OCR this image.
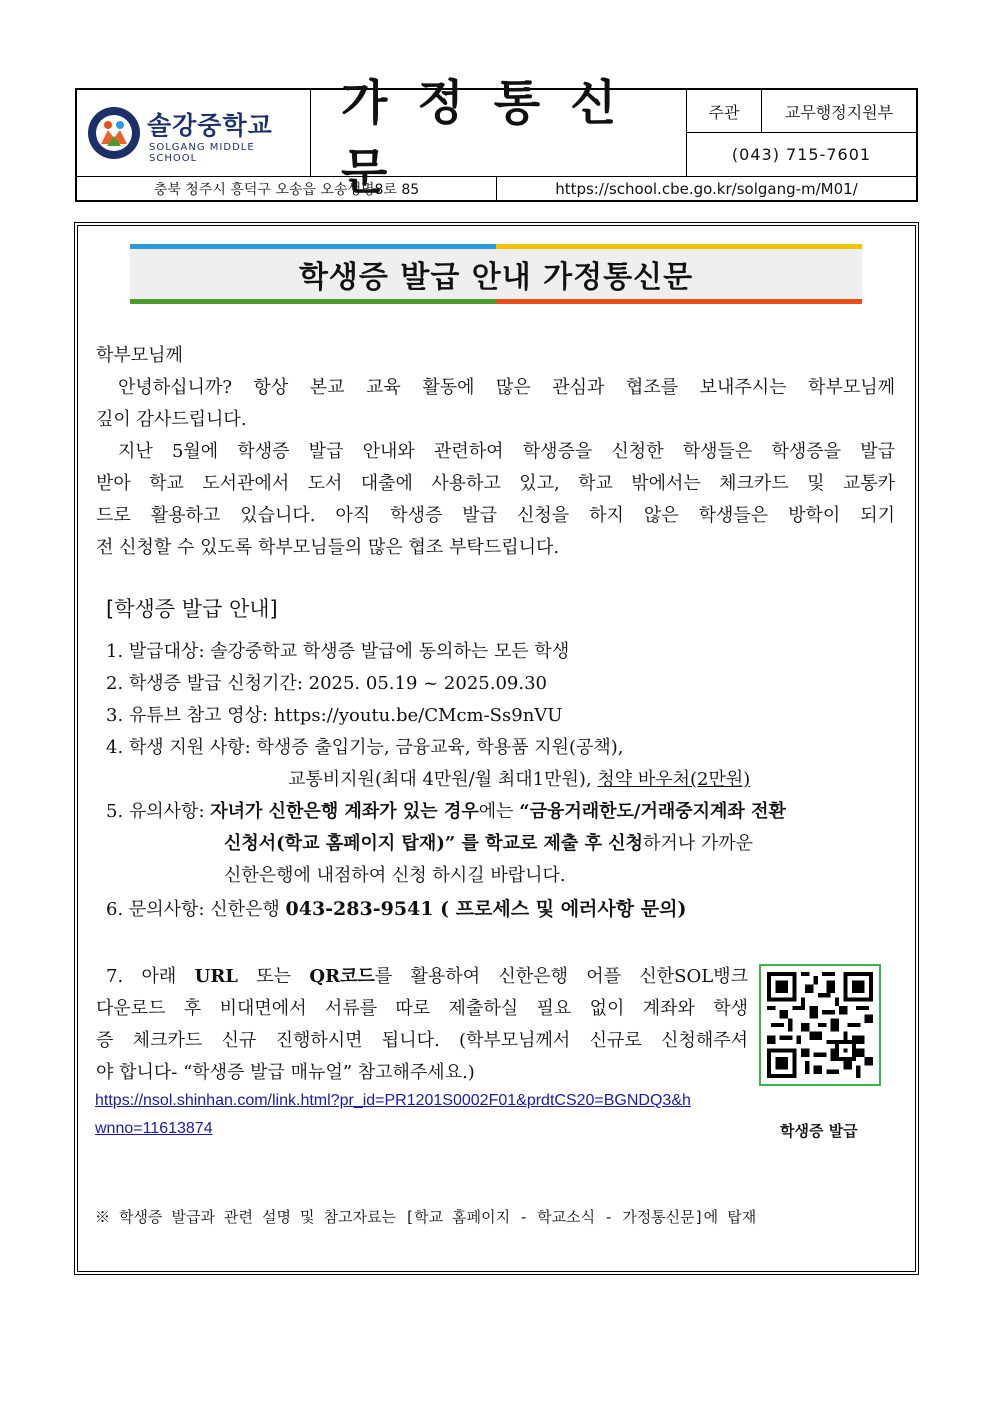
솔강중학교
SOLGANG MIDDLE SCHOOL
가정통신문
주관	교무행정지원부
(043) 715-7601
충북 청주시 흥덕구 오송읍 오송생명8로 85	https://school.cbe.go.kr/solgang-m/M01/
학생증 발급 안내 가정통신문
학부모님께
안녕하십니까? 항상 본교 교육 활동에 많은 관심과 협조를 보내주시는 학부모님께
깊이 감사드립니다.
지난 5월에 학생증 발급 안내와 관련하여 학생증을 신청한 학생들은 학생증을 발급
받아 학교 도서관에서 도서 대출에 사용하고 있고, 학교 밖에서는 체크카드 및 교통카
드로 활용하고 있습니다. 아직 학생증 발급 신청을 하지 않은 학생들은 방학이 되기
전 신청할 수 있도록 학부모님들의 많은 협조 부탁드립니다.
[학생증 발급 안내]
1. 발급대상: 솔강중학교 학생증 발급에 동의하는 모든 학생
2. 학생증 발급 신청기간: 2025. 05.19 ~ 2025.09.30
3. 유튜브 참고 영상: https://youtu.be/CMcm-Ss9nVU
4. 학생 지원 사항: 학생증 출입기능, 금융교육, 학용품 지원(공책),
교통비지원(최대 4만원/월 최대1만원), 청약 바우처(2만원)
5. 유의사항: 자녀가 신한은행 계좌가 있는 경우에는 “금융거래한도/거래중지계좌 전환
신청서(학교 홈페이지 탑재)” 를 학교로 제출 후 신청하거나 가까운
신한은행에 내점하여 신청 하시길 바랍니다.
6. 문의사항: 신한은행 043-283-9541 ( 프로세스 및 에러사항 문의)
7. 아래 URL 또는 QR코드를 활용하여 신한은행 어플 신한SOL뱅크
다운로드 후 비대면에서 서류를 따로 제출하실 필요 없이 계좌와 학생
증 체크카드 신규 진행하시면 됩니다. (학부모님께서 신규로 신청해주셔
야 합니다- “학생증 발급 매뉴얼” 참고해주세요.)
https://nsol.shinhan.com/link.html?pr_id=PR1201S0002F01&prdtCS20=BGNDQ3&h
wnno=11613874	학생증 발급
※ 학생증 발급과 관련 설명 및 참고자료는 [학교 홈페이지 - 학교소식 - 가정통신문]에 탑재
